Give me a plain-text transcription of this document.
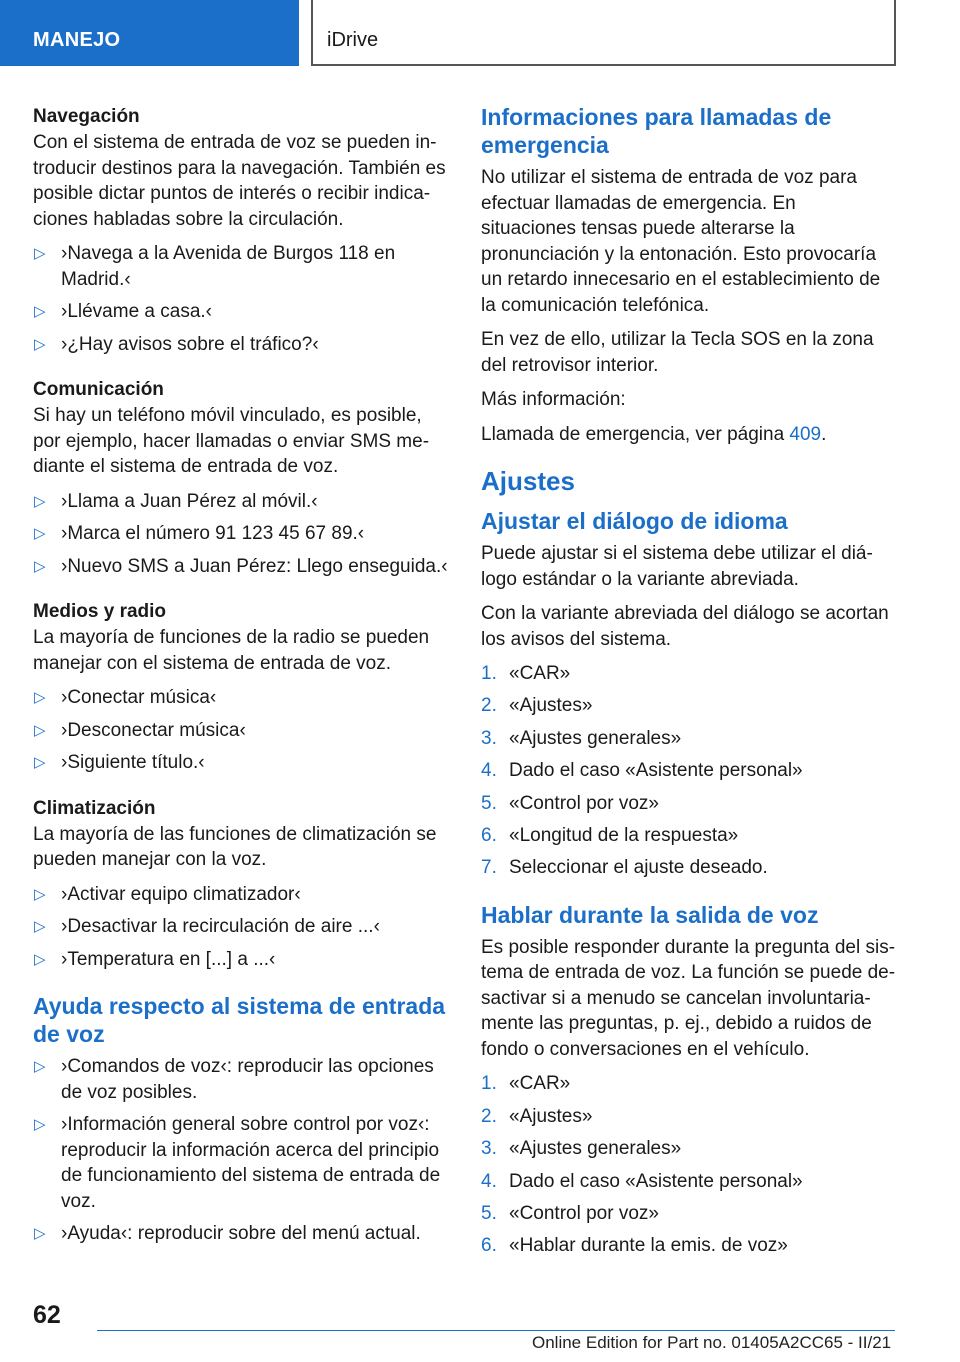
MANEJO	iDrive
Navegación

Con el sistema de entrada de voz se pueden introducir destinos para la navegación. También es posible dictar puntos de interés o recibir indicaciones habladas sobre la circulación.

▷ ›Navega a la Avenida de Burgos 118 en Madrid.‹
▷ ›Llévame a casa.‹
▷ ›¿Hay avisos sobre el tráfico?‹
Comunicación

Si hay un teléfono móvil vinculado, es posible, por ejemplo, hacer llamadas o enviar SMS mediante el sistema de entrada de voz.

▷ ›Llama a Juan Pérez al móvil.‹
▷ ›Marca el número 91 123 45 67 89.‹
▷ ›Nuevo SMS a Juan Pérez: Llego enseguida.‹
Medios y radio

La mayoría de funciones de la radio se pueden manejar con el sistema de entrada de voz.

▷ ›Conectar música‹
▷ ›Desconectar música‹
▷ ›Siguiente título.‹
Climatización

La mayoría de las funciones de climatización se pueden manejar con la voz.

▷ ›Activar equipo climatizador‹
▷ ›Desactivar la recirculación de aire ...‹
▷ ›Temperatura en [...] a ...‹
Ayuda respecto al sistema de entrada de voz
▷ ›Comandos de voz‹: reproducir las opciones de voz posibles.
▷ ›Información general sobre control por voz‹: reproducir la información acerca del principio de funcionamiento del sistema de entrada de voz.
▷ ›Ayuda‹: reproducir sobre del menú actual.
Informaciones para llamadas de emergencia

No utilizar el sistema de entrada de voz para efectuar llamadas de emergencia. En situaciones tensas puede alterarse la pronunciación y la entonación. Esto provocaría un retardo innecesario en el establecimiento de la comunicación telefónica.

En vez de ello, utilizar la Tecla SOS en la zona del retrovisor interior.

Más información:

Llamada de emergencia, ver página 409.

Ajustes
Ajustar el diálogo de idioma

Puede ajustar si el sistema debe utilizar el diálogo estándar o la variante abreviada.

Con la variante abreviada del diálogo se acortan los avisos del sistema.

1. «CAR»
2. «Ajustes»
3. «Ajustes generales»
4. Dado el caso «Asistente personal»
5. «Control por voz»
6. «Longitud de la respuesta»
7. Seleccionar el ajuste deseado.
Hablar durante la salida de voz

Es posible responder durante la pregunta del sistema de entrada de voz. La función se puede desactivar si a menudo se cancelan involuntariamente las preguntas, p. ej., debido a ruidos de fondo o conversaciones en el vehículo.

1. «CAR»
2. «Ajustes»
3. «Ajustes generales»
4. Dado el caso «Asistente personal»
5. «Control por voz»
6. «Hablar durante la emis. de voz»
62
Online Edition for Part no. 01405A2CC65 - II/21
